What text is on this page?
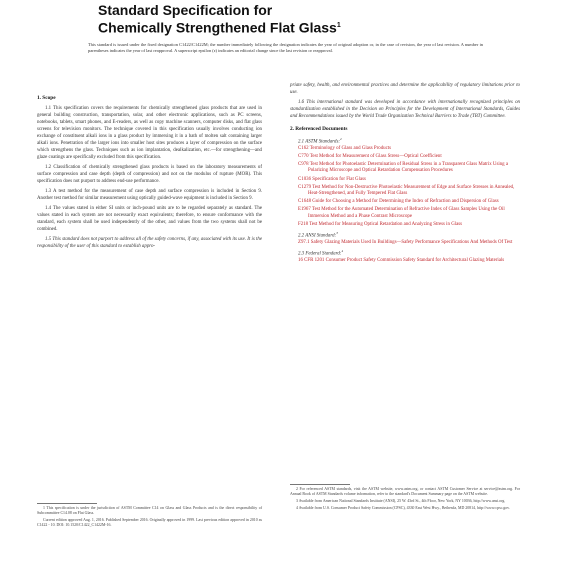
Standard Specification for
Chemically Strengthened Flat Glass$^1$
This standard is issued under the fixed designation C1422/C1422M; the number immediately following the designation indicates the year of original adoption or, in the case of revision, the year of last revision. A number in parentheses indicates the year of last reapproval. A superscript epsilon (ε) indicates an editorial change since the last revision or reapproval.
1. Scope

1.1 This specification covers the requirements for chemically strengthened glass products that are used in general building construction, transportation, solar, and other electronic applications, such as PC screens, notebooks, tablets, smart phones, and E-readers, as well as copy machine scanners, computer disks, and flat glass screens for television monitors. The technique covered in this specification usually involves conducting ion exchange of constituent alkali ions in a glass product by immersing it in a bath of molten salt containing larger alkali ions. Penetration of the larger ions into smaller host sites produces a layer of compression on the surface which strengthens the glass. Techniques such as ion implantation, dealkalization, etc.—for strengthening—and glaze coatings are specifically excluded from this specification.

1.2 Classification of chemically strengthened glass products is based on the laboratory measurements of surface compression and case depth (depth of compression) and not on the modulus of rupture (MOR). This specification does not purport to address end-use performance.

1.3 A test method for the measurement of case depth and surface compression is included in Section 9. Another test method for similar measurement using optically guided-wave equipment is included in Section 9.

1.4 The values stated in either SI units or inch-pound units are to be regarded separately as standard. The values stated in each system are not necessarily exact equivalents; therefore, to ensure conformance with the standard, each system shall be used independently of the other, and values from the two systems shall not be combined.

1.5 This standard does not purport to address all of the safety concerns, if any, associated with its use. It is the responsibility of the user of this standard to establish appro-

priate safety, health, and environmental practices and determine the applicability of regulatory limitations prior to use.

1.6 This international standard was developed in accordance with internationally recognized principles on standardization established in the Decision on Principles for the Development of International Standards, Guides and Recommendations issued by the World Trade Organization Technical Barriers to Trade (TBT) Committee.

2. Referenced Documents
2.1 ASTM Standards:$^2$
C162 Terminology of Glass and Glass Products
C770 Test Method for Measurement of Glass Stress—Optical Coefficient
C978 Test Method for Photoelastic Determination of Residual Stress in a Transparent Glass Matrix Using a Polarizing Microscope and Optical Retardation Compensation Procedures
C1036 Specification for Flat Glass
C1279 Test Method for Non-Destructive Photoelastic Measurement of Edge and Surface Stresses in Annealed, Heat-Strengthened, and Fully Tempered Flat Glass
C1648 Guide for Choosing a Method for Determining the Index of Refraction and Dispersion of Glass
E1967 Test Method for the Automated Determination of Refractive Index of Glass Samples Using the Oil Immersion Method and a Phase Contrast Microscope
F218 Test Method for Measuring Optical Retardation and Analyzing Stress in Glass
2.2 ANSI Standard:$^3$
Z97.1 Safety Glazing Materials Used In Buildings—Safety Performance Specifications And Methods Of Test
2.3 Federal Standard:$^4$
16 CFR 1201 Consumer Product Safety Commission Safety Standard for Architectural Glazing Materials

1 This specification is under the jurisdiction of ASTM Committee C14 on Glass and Glass Products and is the direct responsibility of Subcommittee C14.08 on Flat Glass.

Current edition approved Aug. 1, 2016. Published September 2016. Originally approved in 1999. Last previous edition approved in 2010 as C1422 - 10. DOI: 10.1520/C1422_C1422M-16.

2 For referenced ASTM standards, visit the ASTM website, www.astm.org, or contact ASTM Customer Service at service@astm.org. For Annual Book of ASTM Standards volume information, refer to the standard's Document Summary page on the ASTM website.

3 Available from American National Standards Institute (ANSI), 25 W. 43rd St., 4th Floor, New York, NY 10036, http://www.ansi.org.

4 Available from U.S. Consumer Product Safety Commission (CPSC), 4330 East West Hwy., Bethesda, MD 20814, http://www.cpsc.gov.
